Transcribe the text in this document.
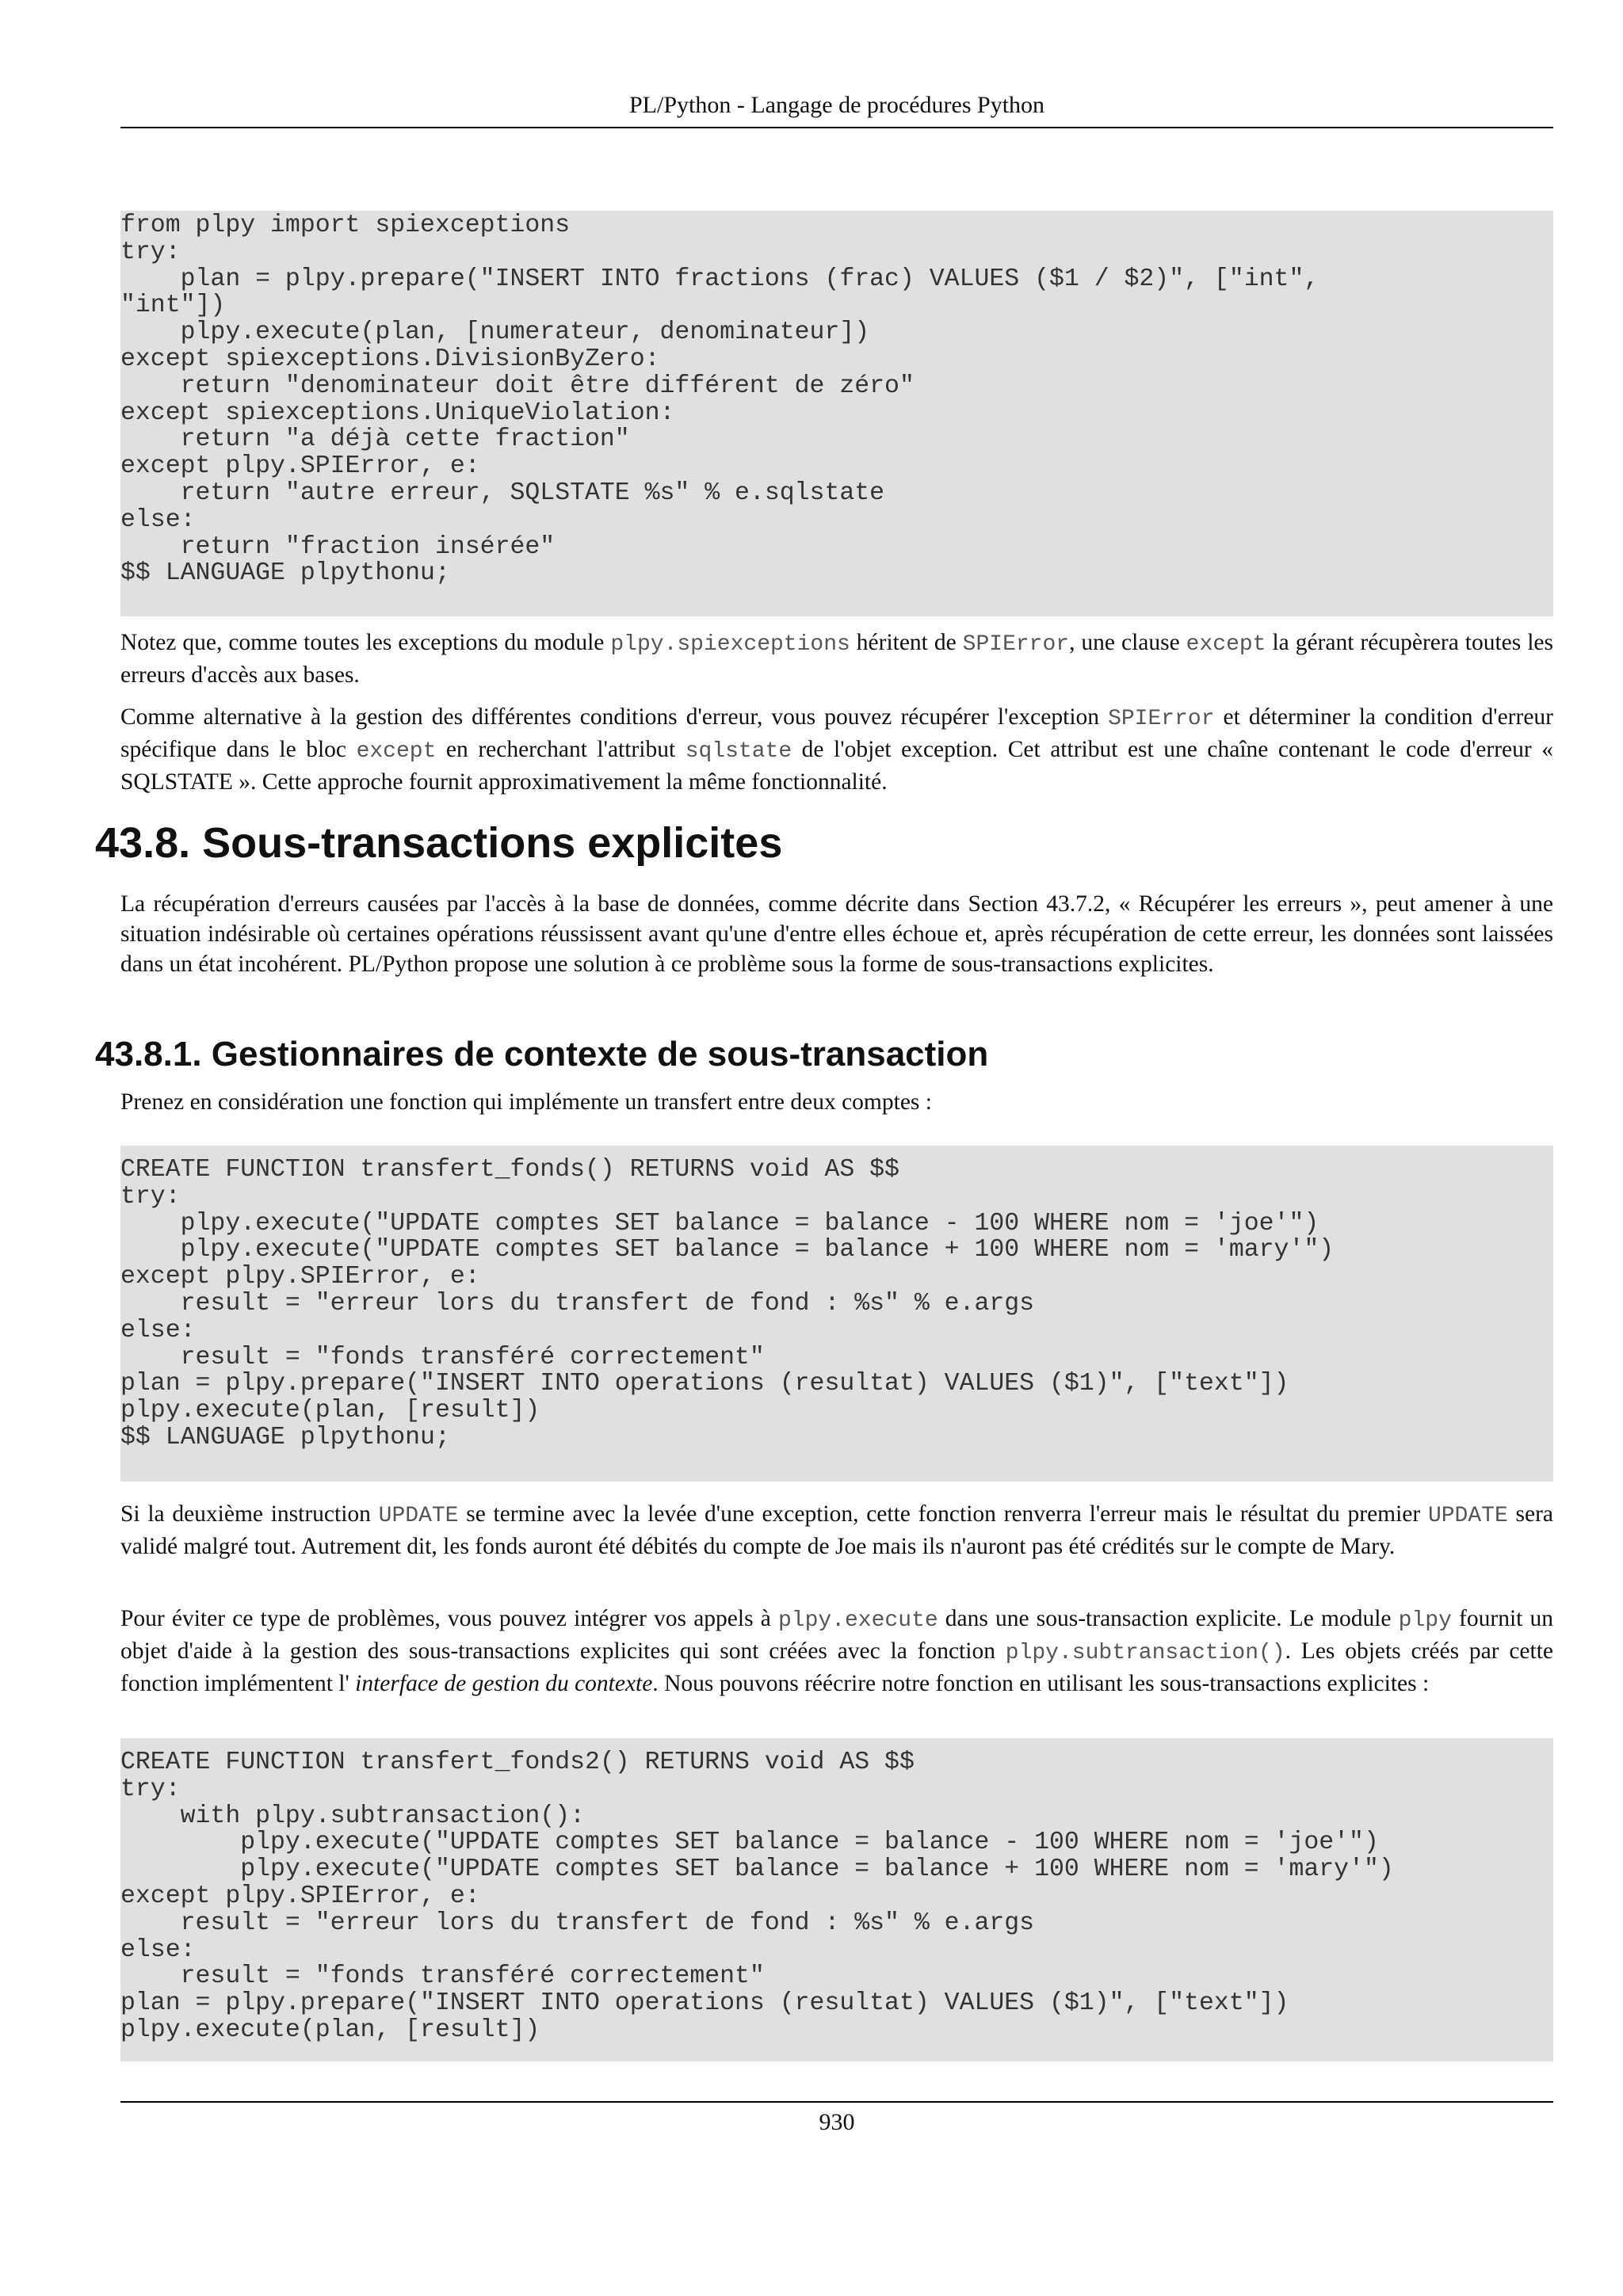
PL/Python - Langage de procédures Python
from plpy import spiexceptions
try:
plan = plpy.prepare("INSERT INTO fractions (frac) VALUES ($1 / $2)", ["int",
"int"])
plpy.execute(plan, [numerateur, denominateur])
except spiexceptions.DivisionByZero:
return "denominateur doit être différent de zéro"
except spiexceptions.UniqueViolation:
return "a déjà cette fraction"
except plpy.SPIError, e:
return "autre erreur, SQLSTATE %s" % e.sqlstate
else:
return "fraction insérée"
$$ LANGUAGE plpythonu;

Notez que, comme toutes les exceptions du module plpy.spiexceptions héritent de SPIError, une clause except la gérant récupèrera toutes les erreurs d'accès aux bases.

Comme alternative à la gestion des différentes conditions d'erreur, vous pouvez récupérer l'exception SPIError et déterminer la condition d'erreur spécifique dans le bloc except en recherchant l'attribut sqlstate de l'objet exception. Cet attribut est une chaîne contenant le code d'erreur « SQLSTATE ». Cette approche fournit approximativement la même fonctionnalité.

43.8. Sous-transactions explicites

La récupération d'erreurs causées par l'accès à la base de données, comme décrite dans Section 43.7.2, « Récupérer les erreurs », peut amener à une situation indésirable où certaines opérations réussissent avant qu'une d'entre elles échoue et, après récupération de cette erreur, les données sont laissées dans un état incohérent. PL/Python propose une solution à ce problème sous la forme de sous-transactions explicites.

43.8.1. Gestionnaires de contexte de sous-transaction

Prenez en considération une fonction qui implémente un transfert entre deux comptes :

CREATE FUNCTION transfert_fonds() RETURNS void AS $$
try:
plpy.execute("UPDATE comptes SET balance = balance - 100 WHERE nom = 'joe'")
plpy.execute("UPDATE comptes SET balance = balance + 100 WHERE nom = 'mary'")
except plpy.SPIError, e:
result = "erreur lors du transfert de fond : %s" % e.args
else:
result = "fonds transféré correctement"
plan = plpy.prepare("INSERT INTO operations (resultat) VALUES ($1)", ["text"])
plpy.execute(plan, [result])
$$ LANGUAGE plpythonu;

Si la deuxième instruction UPDATE se termine avec la levée d'une exception, cette fonction renverra l'erreur mais le résultat du premier UPDATE sera validé malgré tout. Autrement dit, les fonds auront été débités du compte de Joe mais ils n'auront pas été crédités sur le compte de Mary.

Pour éviter ce type de problèmes, vous pouvez intégrer vos appels à plpy.execute dans une sous-transaction explicite. Le module plpy fournit un objet d'aide à la gestion des sous-transactions explicites qui sont créées avec la fonction plpy.subtransaction(). Les objets créés par cette fonction implémentent l' interface de gestion du contexte. Nous pouvons réécrire notre fonction en utilisant les sous-transactions explicites :

CREATE FUNCTION transfert_fonds2() RETURNS void AS $$
try:
with plpy.subtransaction():
plpy.execute("UPDATE comptes SET balance = balance - 100 WHERE nom = 'joe'")
plpy.execute("UPDATE comptes SET balance = balance + 100 WHERE nom = 'mary'")
except plpy.SPIError, e:
result = "erreur lors du transfert de fond : %s" % e.args
else:
result = "fonds transféré correctement"
plan = plpy.prepare("INSERT INTO operations (resultat) VALUES ($1)", ["text"])
plpy.execute(plan, [result])
930
